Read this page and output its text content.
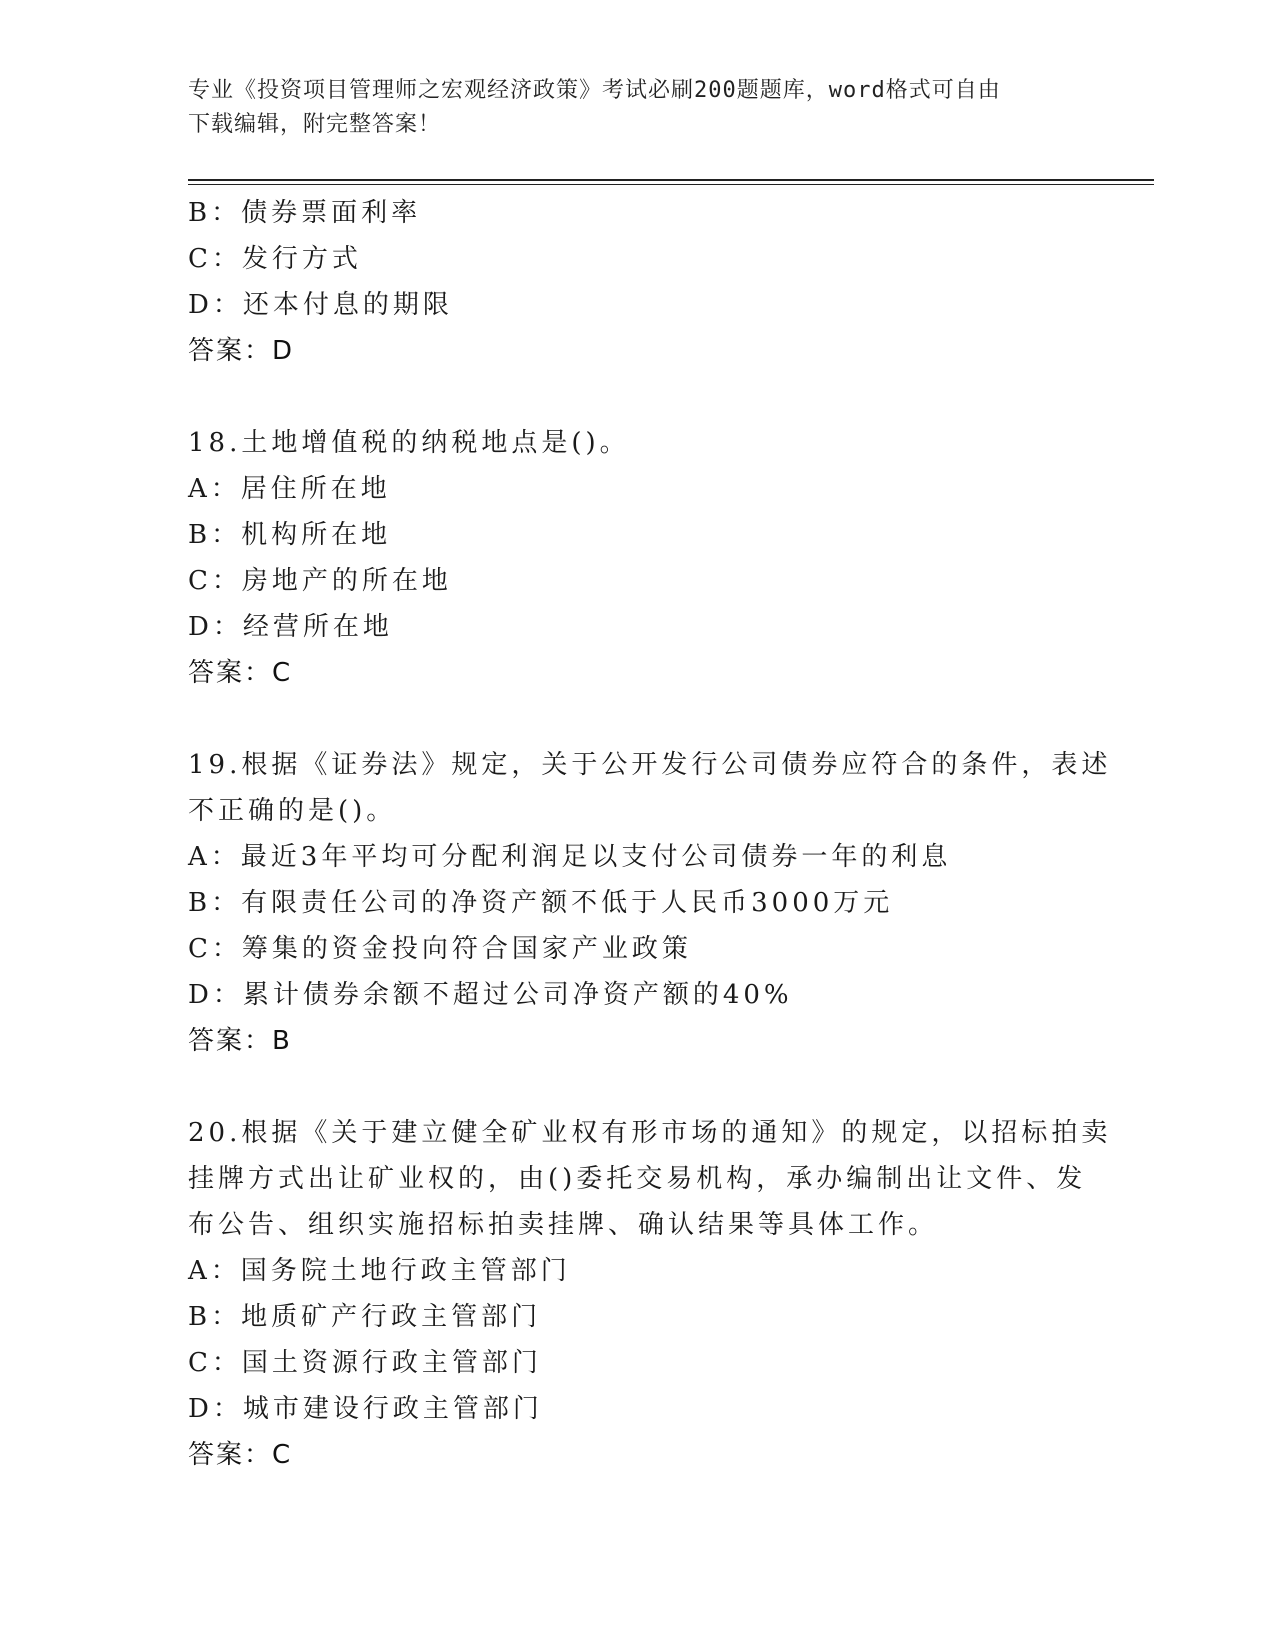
专业《投资项目管理师之宏观经济政策》考试必刷200题题库，word格式可自由
下载编辑，附完整答案！
B：债券票面利率
C：发行方式
D：还本付息的期限
答案：D
18.土地增值税的纳税地点是()。
A：居住所在地
B：机构所在地
C：房地产的所在地
D：经营所在地
答案：C
19.根据《证券法》规定，关于公开发行公司债券应符合的条件，表述
不正确的是()。
A：最近3年平均可分配利润足以支付公司债券一年的利息
B：有限责任公司的净资产额不低于人民币3000万元
C：筹集的资金投向符合国家产业政策
D：累计债券余额不超过公司净资产额的40%
答案：B
20.根据《关于建立健全矿业权有形市场的通知》的规定，以招标拍卖
挂牌方式出让矿业权的，由()委托交易机构，承办编制出让文件、发
布公告、组织实施招标拍卖挂牌、确认结果等具体工作。
A：国务院土地行政主管部门
B：地质矿产行政主管部门
C：国土资源行政主管部门
D：城市建设行政主管部门
答案：C
